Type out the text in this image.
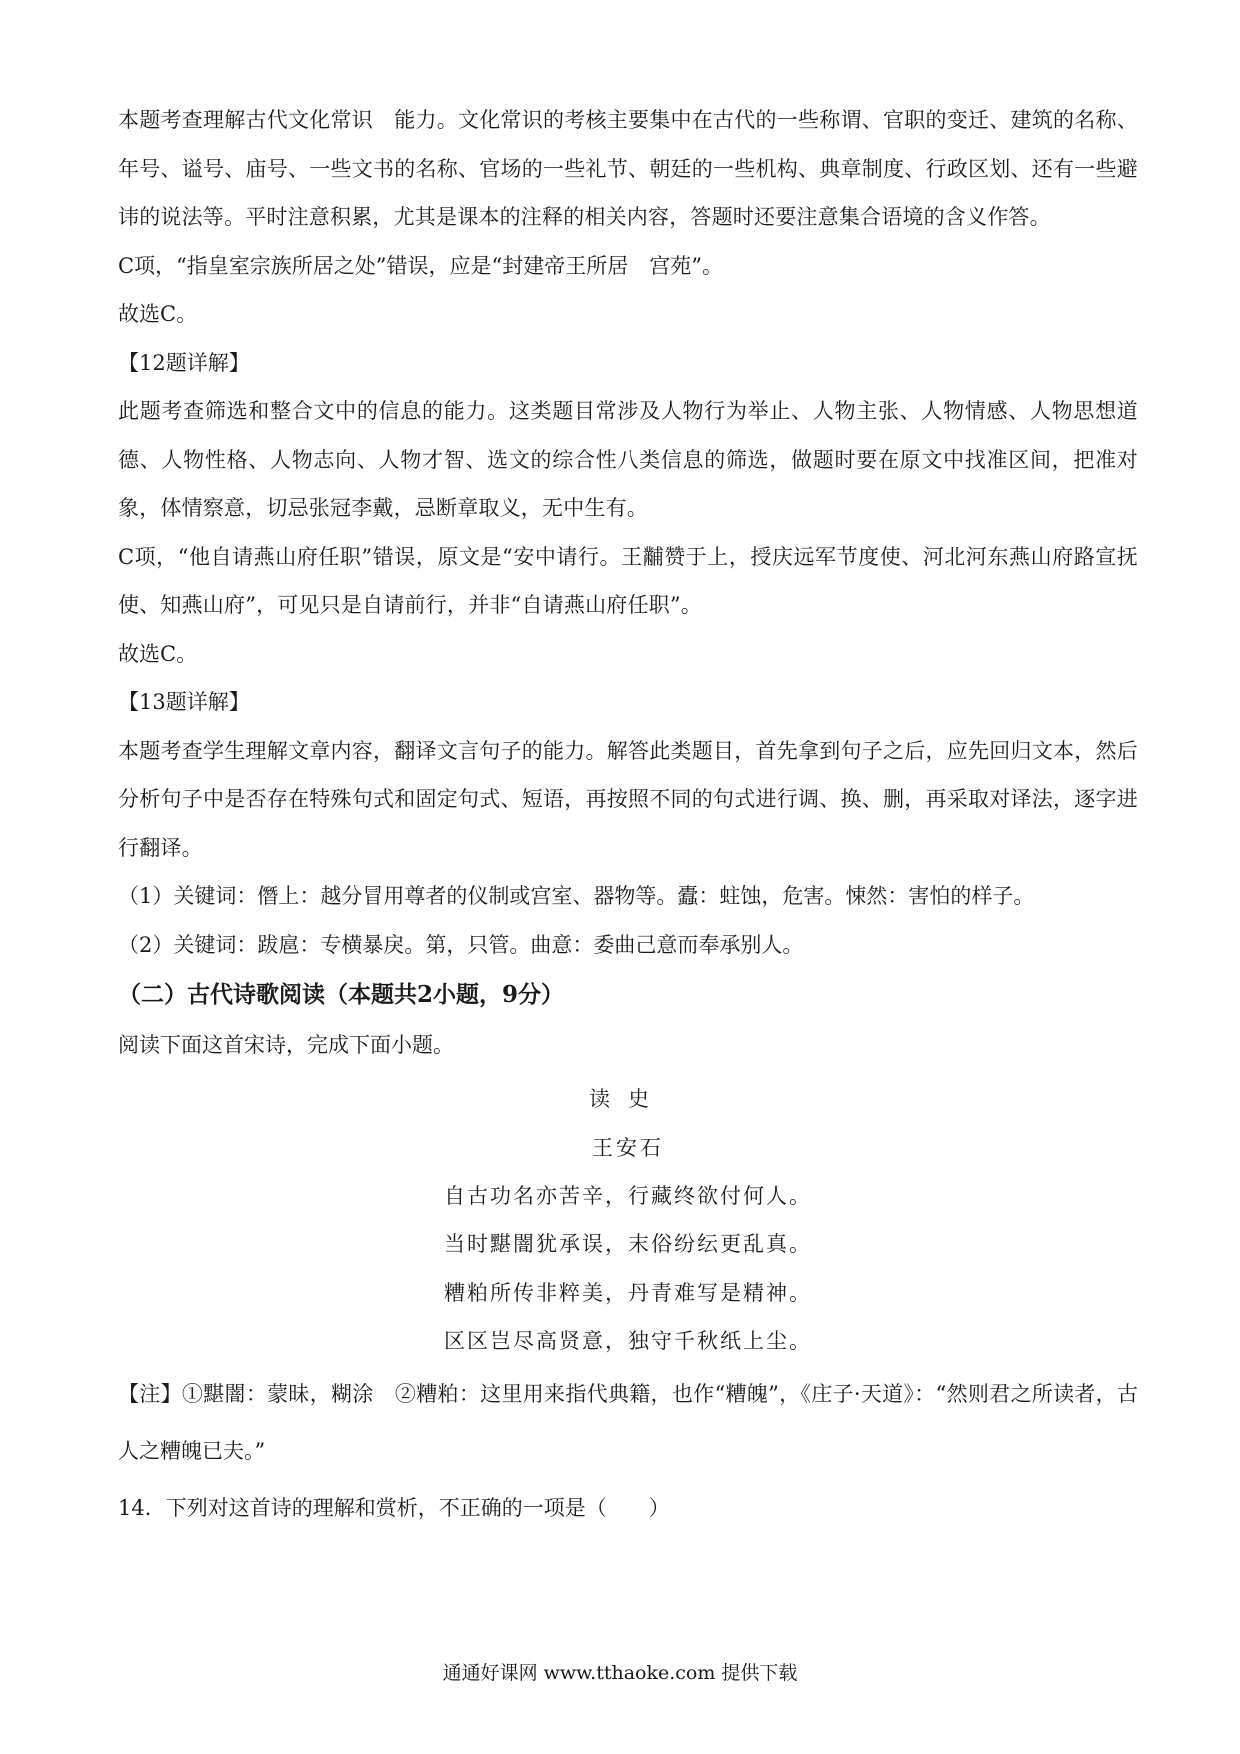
本题考查理解古代文化常识　能力。文化常识的考核主要集中在古代的一些称谓、官职的变迁、建筑的名称、年号、谥号、庙号、一些文书的名称、官场的一些礼节、朝廷的一些机构、典章制度、行政区划、还有一些避讳的说法等。平时注意积累，尤其是课本的注释的相关内容，答题时还要注意集合语境的含义作答。

C项，“指皇室宗族所居之处”错误，应是“封建帝王所居　宫苑”。

故选C。

【12题详解】

此题考查筛选和整合文中的信息的能力。这类题目常涉及人物行为举止、人物主张、人物情感、人物思想道德、人物性格、人物志向、人物才智、选文的综合性八类信息的筛选，做题时要在原文中找准区间，把准对象，体情察意，切忌张冠李戴，忌断章取义，无中生有。

C项，“他自请燕山府任职”错误，原文是“安中请行。王黼赞于上，授庆远军节度使、河北河东燕山府路宣抚使、知燕山府”，可见只是自请前行，并非“自请燕山府任职”。

故选C。

【13题详解】

本题考查学生理解文章内容，翻译文言句子的能力。解答此类题目，首先拿到句子之后，应先回归文本，然后分析句子中是否存在特殊句式和固定句式、短语，再按照不同的句式进行调、换、删，再采取对译法，逐字进行翻译。

（1）关键词：僭上：越分冒用尊者的仪制或宫室、器物等。蠹：蛀蚀，危害。悚然：害怕的样子。

（2）关键词：跋扈：专横暴戾。第，只管。曲意：委曲己意而奉承别人。

（二）古代诗歌阅读（本题共2小题，9分）

阅读下面这首宋诗，完成下面小题。

读史

王安石

自古功名亦苦辛，行藏终欲付何人。

当时黮闇犹承误，末俗纷纭更乱真。

糟粕所传非粹美，丹青难写是精神。

区区岂尽高贤意，独守千秋纸上尘。

【注】①黮闇：蒙昧，糊涂　②糟粕：这里用来指代典籍，也作“糟魄”，《庄子·天道》：“然则君之所读者，古人之糟魄已夫。”

14．下列对这首诗的理解和赏析，不正确的一项是（　　）

通通好课网 www.tthaoke.com 提供下载
